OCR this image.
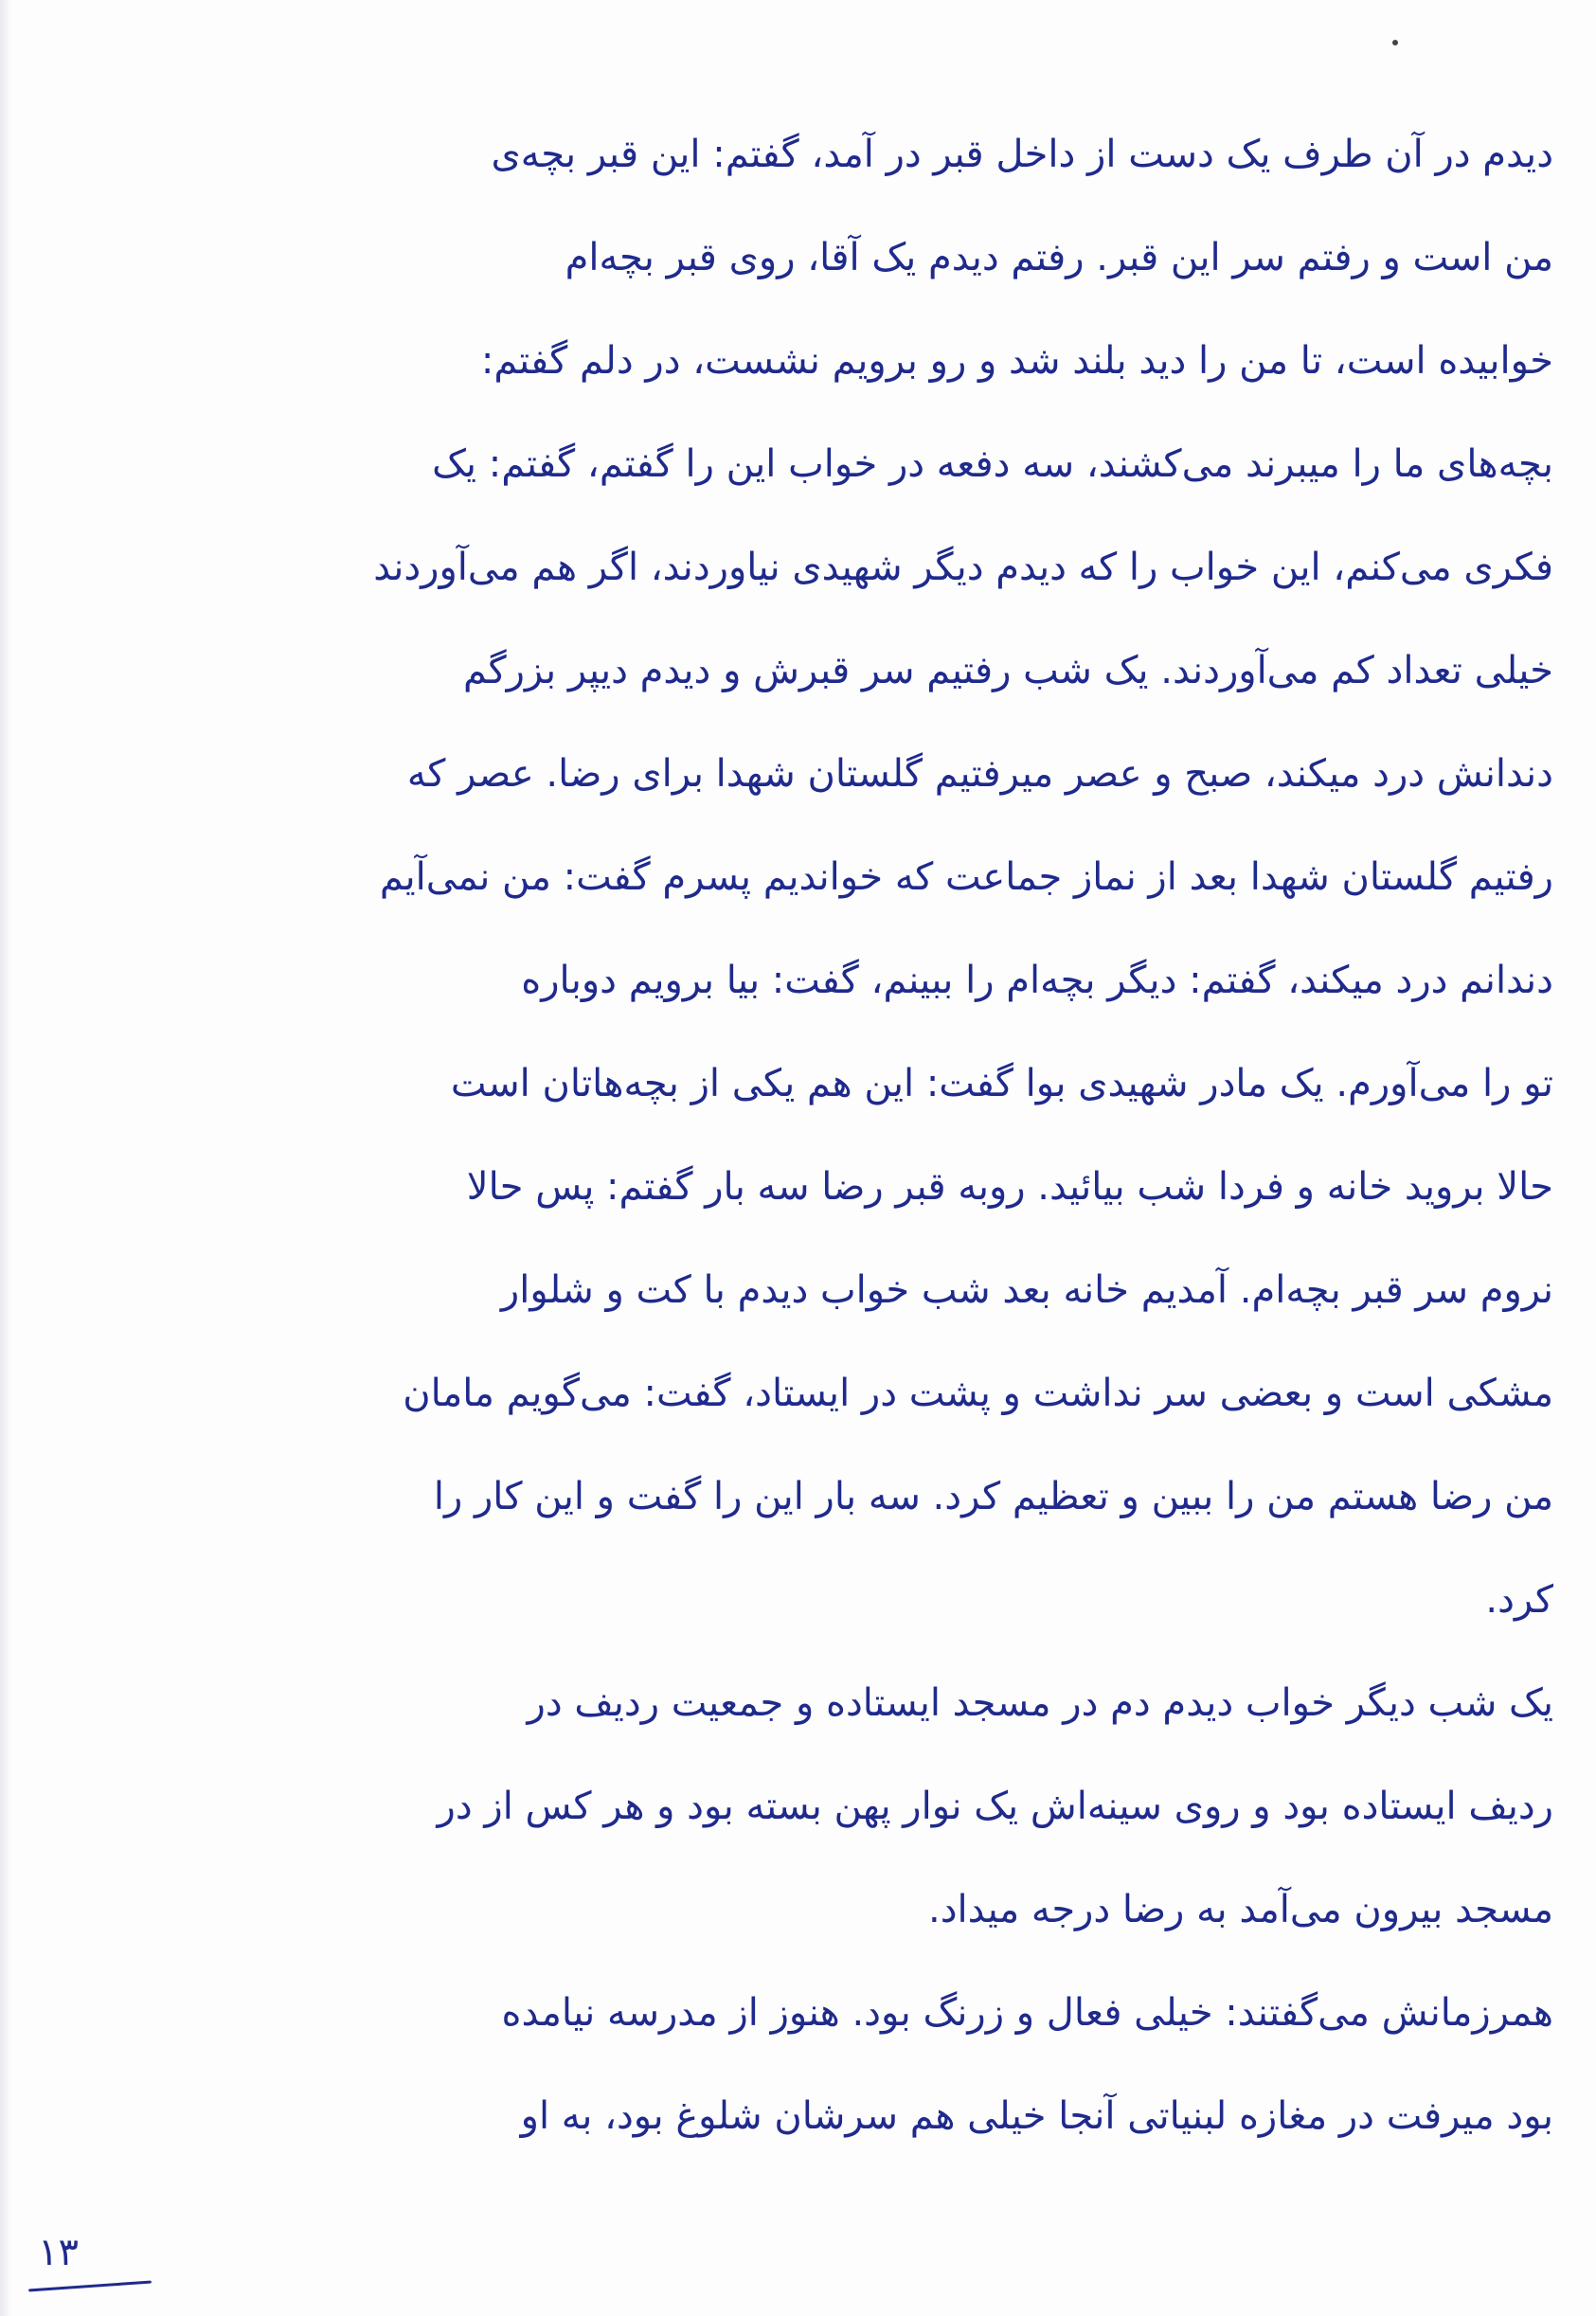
دیدم در آن طرف یک دست از داخل قبر در آمد، گفتم: این قبر بچه‌ی
من است و رفتم سر این قبر. رفتم دیدم یک آقا، روی قبر بچه‌ام
خوابیده است، تا من را دید بلند شد و رو برویم نشست، در دلم گفتم:
بچه‌های ما را میبرند می‌کشند، سه دفعه در خواب این را گفتم، گفتم: یک
فکری می‌کنم، این خواب را که دیدم دیگر شهیدی نیاوردند، اگر هم می‌آوردند
خیلی تعداد کم می‌آوردند. یک شب رفتیم سر قبرش و دیدم دیپر بزرگم
دندانش درد میکند، صبح و عصر میرفتیم گلستان شهدا برای رضا. عصر که
رفتیم گلستان شهدا بعد از نماز جماعت که خواندیم پسرم گفت: من نمی‌آیم
دندانم درد میکند، گفتم: دیگر بچه‌ام را ببینم، گفت: بیا برویم دوباره
تو را می‌آورم. یک مادر شهیدی بوا گفت: این هم یکی از بچه‌هاتان است
حالا بروید خانه و فردا شب بیائید. روبه قبر رضا سه بار گفتم: پس حالا
نروم سر قبر بچه‌ام. آمدیم خانه بعد شب خواب دیدم با کت و شلوار
مشکی است و بعضی سر نداشت و پشت در ایستاد، گفت: می‌گویم مامان
من رضا هستم من را ببین و تعظیم کرد. سه بار این را گفت و این کار را
کرد.
یک شب دیگر خواب دیدم دم در مسجد ایستاده و جمعیت ردیف در
ردیف ایستاده بود و روی سینه‌اش یک نوار پهن بسته بود و هر کس از در
مسجد بیرون می‌آمد به رضا درجه میداد.
همرزمانش می‌گفتند: خیلی فعال و زرنگ بود. هنوز از مدرسه نیامده
بود میرفت در مغازه لبنیاتی آنجا خیلی هم سرشان شلوغ بود، به او
۱۳
